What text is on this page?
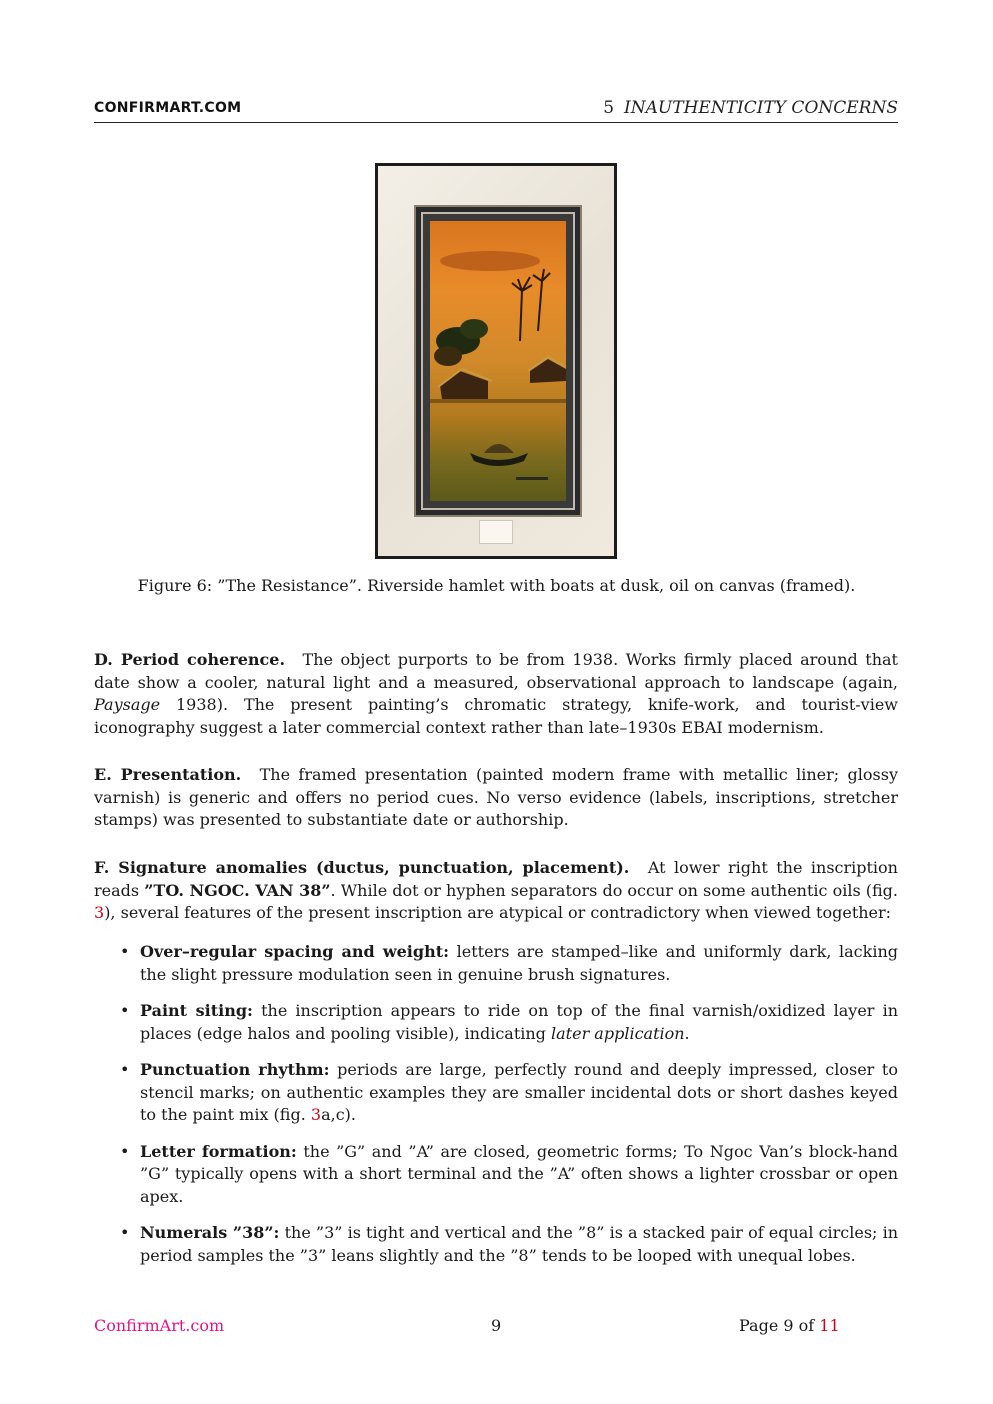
CONFIRMART.COM	5 INAUTHENTICITY CONCERNS
Figure 6: ”The Resistance”. Riverside hamlet with boats at dusk, oil on canvas (framed).
D. Period coherence. The object purports to be from 1938. Works firmly placed around that date show a cooler, natural light and a measured, observational approach to landscape (again, Paysage 1938). The present painting’s chromatic strategy, knife-work, and tourist-view iconography suggest a later commercial context rather than late–1930s EBAI modernism.
E. Presentation. The framed presentation (painted modern frame with metallic liner; glossy varnish) is generic and offers no period cues. No verso evidence (labels, inscriptions, stretcher stamps) was presented to substantiate date or authorship.
F. Signature anomalies (ductus, punctuation, placement). At lower right the inscription reads ”TO. NGOC. VAN 38”. While dot or hyphen separators do occur on some authentic oils (fig. 3), several features of the present inscription are atypical or contradictory when viewed together:
• Over–regular spacing and weight: letters are stamped–like and uniformly dark, lacking the slight pressure modulation seen in genuine brush signatures.
• Paint siting: the inscription appears to ride on top of the final varnish/oxidized layer in places (edge halos and pooling visible), indicating later application.
• Punctuation rhythm: periods are large, perfectly round and deeply impressed, closer to stencil marks; on authentic examples they are smaller incidental dots or short dashes keyed to the paint mix (fig. 3a,c).
• Letter formation: the ”G” and ”A” are closed, geometric forms; To Ngoc Van’s block-hand ”G” typically opens with a short terminal and the ”A” often shows a lighter crossbar or open apex.
• Numerals ”38”: the ”3” is tight and vertical and the ”8” is a stacked pair of equal circles; in period samples the ”3” leans slightly and the ”8” tends to be looped with unequal lobes.
ConfirmArt.com	9	Page 9 of 11
